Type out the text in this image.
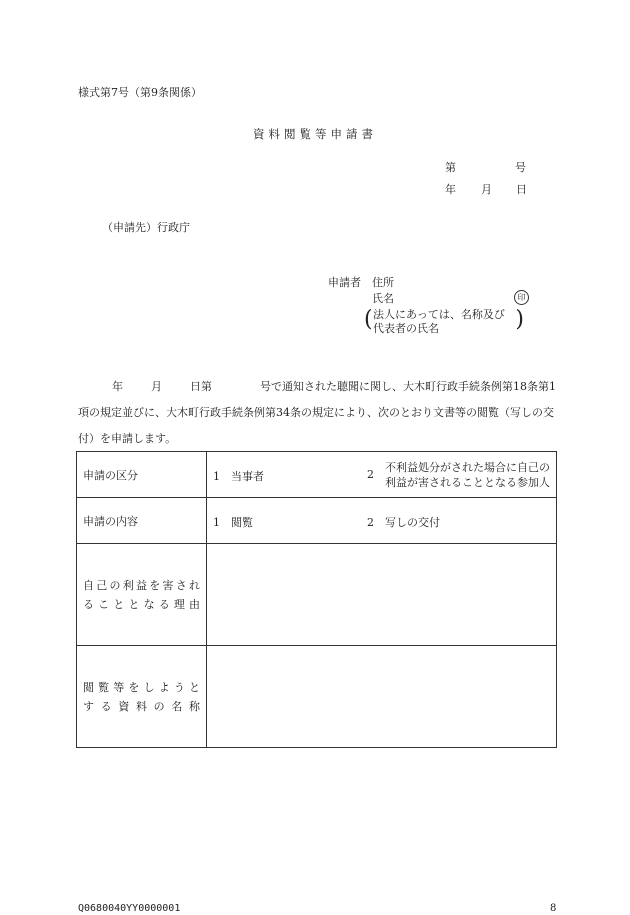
様式第7号（第9条関係）
資料閲覧等申請書
第	号
年 月 日
（申請先）行政庁
申請者 住所
氏名	印
( 法人にあっては、名称及び
代表者の氏名	)
年	月	日第	号で通知された聴聞に関し、大木町行政手続条例第18条第1項の規定並びに、大木町行政手続条例第34条の規定により、次のとおり文書等の閲覧（写しの交付）を申請します。
申請の区分	1　 当事者 2
不利益処分がされた場合に自己の
利益が害されることとなる参加人

申請の内容	1　 閲覧 2　 写しの交付

自己の利益を害され
ることとなる理由	

閲覧等をしようと
する資料の名称	

Q0680040YY0000001	8
